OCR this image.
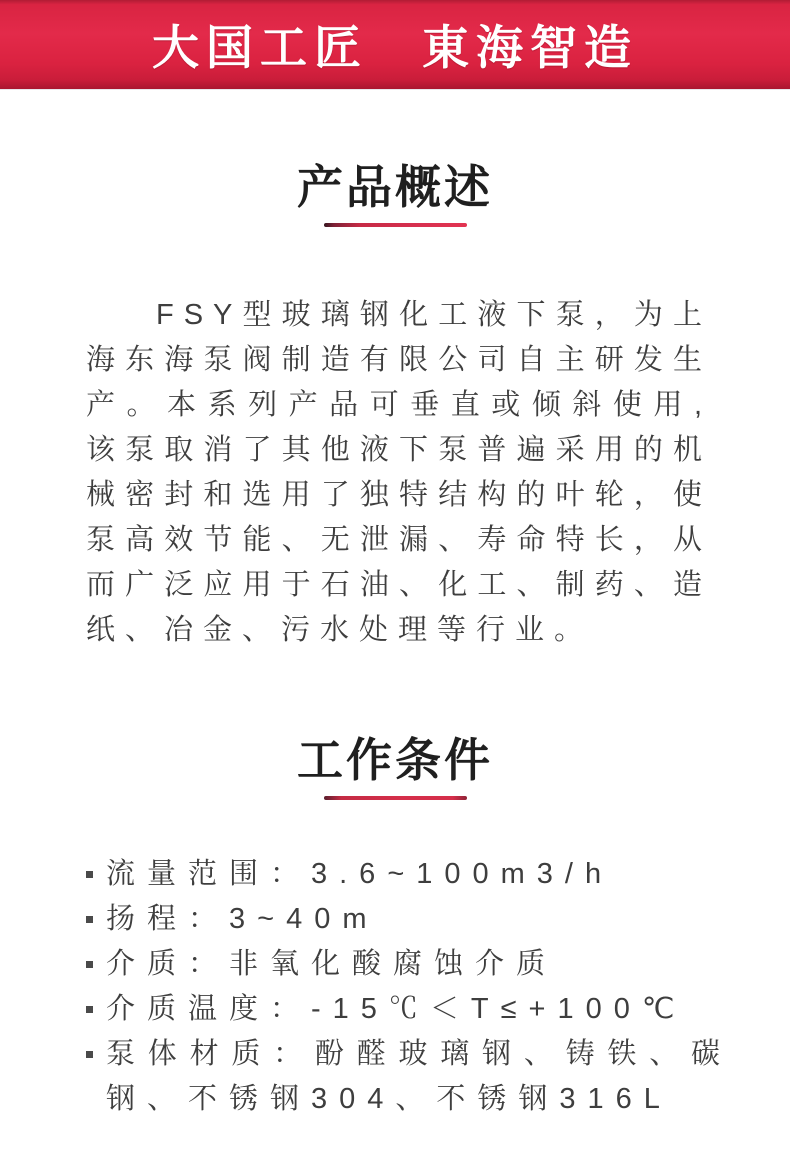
大国工匠　東海智造
产品概述

FSY型玻璃钢化工液下泵，为上海东海泵阀制造有限公司自主研发生产。本系列产品可垂直或倾斜使用,该泵取消了其他液下泵普遍采用的机械密封和选用了独特结构的叶轮，使泵高效节能、无泄漏、寿命特长，从而广泛应用于石油、化工、制药、造纸、冶金、污水处理等行业。

工作条件
流量范围：3.6~100m3/h
扬程：3~40m
介质：非氧化酸腐蚀介质
介质温度：-15℃＜T≤+100℃
泵体材质：酚醛玻璃钢、铸铁、碳钢、不锈钢304、不锈钢316L
